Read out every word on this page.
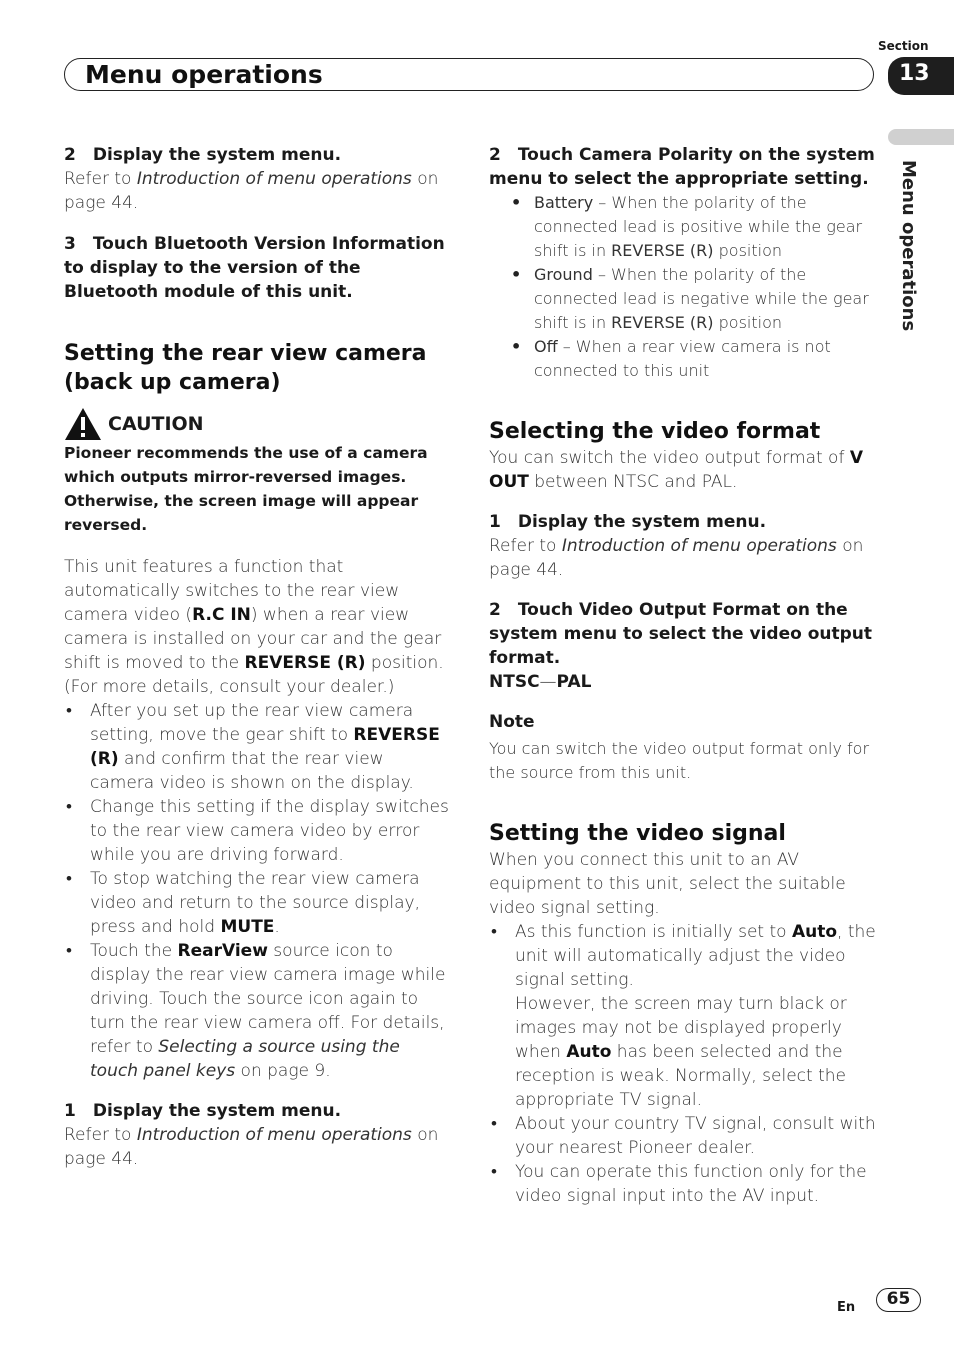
Menu operations
Section
13
Menu operations

2 Display the system menu.

Refer to Introduction of menu operations on page 44.

3 Touch Bluetooth Version Information to display to the version of the Bluetooth module of this unit.

Setting the rear view camera (back up camera)
CAUTION

Pioneer recommends the use of a camera which outputs mirror-reversed images. Otherwise, the screen image will appear reversed.

This unit features a function that automatically switches to the rear view camera video (R.C IN) when a rear view camera is installed on your car and the gear shift is moved to the REVERSE (R) position. (For more details, consult your dealer.)

• After you set up the rear view camera setting, move the gear shift to REVERSE (R) and confirm that the rear view camera video is shown on the display.
• Change this setting if the display switches to the rear view camera video by error while you are driving forward.
• To stop watching the rear view camera video and return to the source display, press and hold MUTE.
• Touch the RearView source icon to display the rear view camera image while driving. Touch the source icon again to turn the rear view camera off. For details, refer to Selecting a source using the touch panel keys on page 9.

1 Display the system menu.

Refer to Introduction of menu operations on page 44.

2 Touch Camera Polarity on the system menu to select the appropriate setting.

• Battery – When the polarity of the connected lead is positive while the gear shift is in REVERSE (R) position
• Ground – When the polarity of the connected lead is negative while the gear shift is in REVERSE (R) position
• Off – When a rear view camera is not connected to this unit
Selecting the video format

You can switch the video output format of V OUT between NTSC and PAL.

1 Display the system menu.

Refer to Introduction of menu operations on page 44.

2 Touch Video Output Format on the system menu to select the video output format.

NTSC—PAL

Note

You can switch the video output format only for the source from this unit.

Setting the video signal

When you connect this unit to an AV equipment to this unit, select the suitable video signal setting.

• As this function is initially set to Auto, the unit will automatically adjust the video signal setting.
However, the screen may turn black or images may not be displayed properly when Auto has been selected and the reception is weak. Normally, select the appropriate TV signal.
• About your country TV signal, consult with your nearest Pioneer dealer.
• You can operate this function only for the video signal input into the AV input.
En	65
